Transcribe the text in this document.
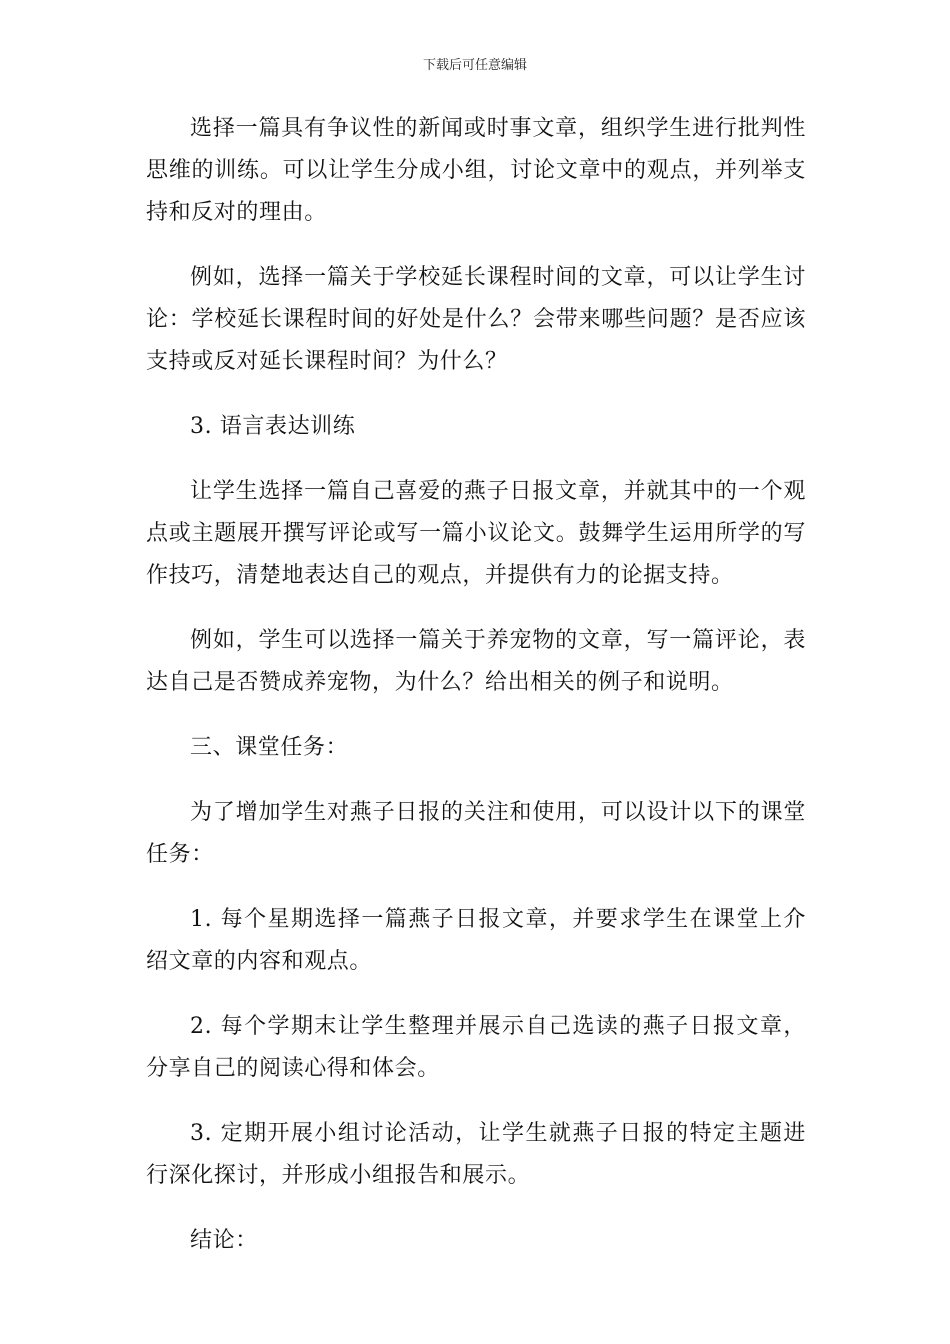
下载后可任意编辑

选择一篇具有争议性的新闻或时事文章，组织学生进行批判性思维的训练。可以让学生分成小组，讨论文章中的观点，并列举支持和反对的理由。

例如，选择一篇关于学校延长课程时间的文章，可以让学生讨论：学校延长课程时间的好处是什么？会带来哪些问题？是否应该支持或反对延长课程时间？为什么？

3. 语言表达训练

让学生选择一篇自己喜爱的燕子日报文章，并就其中的一个观点或主题展开撰写评论或写一篇小议论文。鼓舞学生运用所学的写作技巧，清楚地表达自己的观点，并提供有力的论据支持。

例如，学生可以选择一篇关于养宠物的文章，写一篇评论，表达自己是否赞成养宠物，为什么？给出相关的例子和说明。

三、课堂任务：

为了增加学生对燕子日报的关注和使用，可以设计以下的课堂任务：

1. 每个星期选择一篇燕子日报文章，并要求学生在课堂上介绍文章的内容和观点。

2. 每个学期末让学生整理并展示自己选读的燕子日报文章，分享自己的阅读心得和体会。

3. 定期开展小组讨论活动，让学生就燕子日报的特定主题进行深化探讨，并形成小组报告和展示。

结论：
